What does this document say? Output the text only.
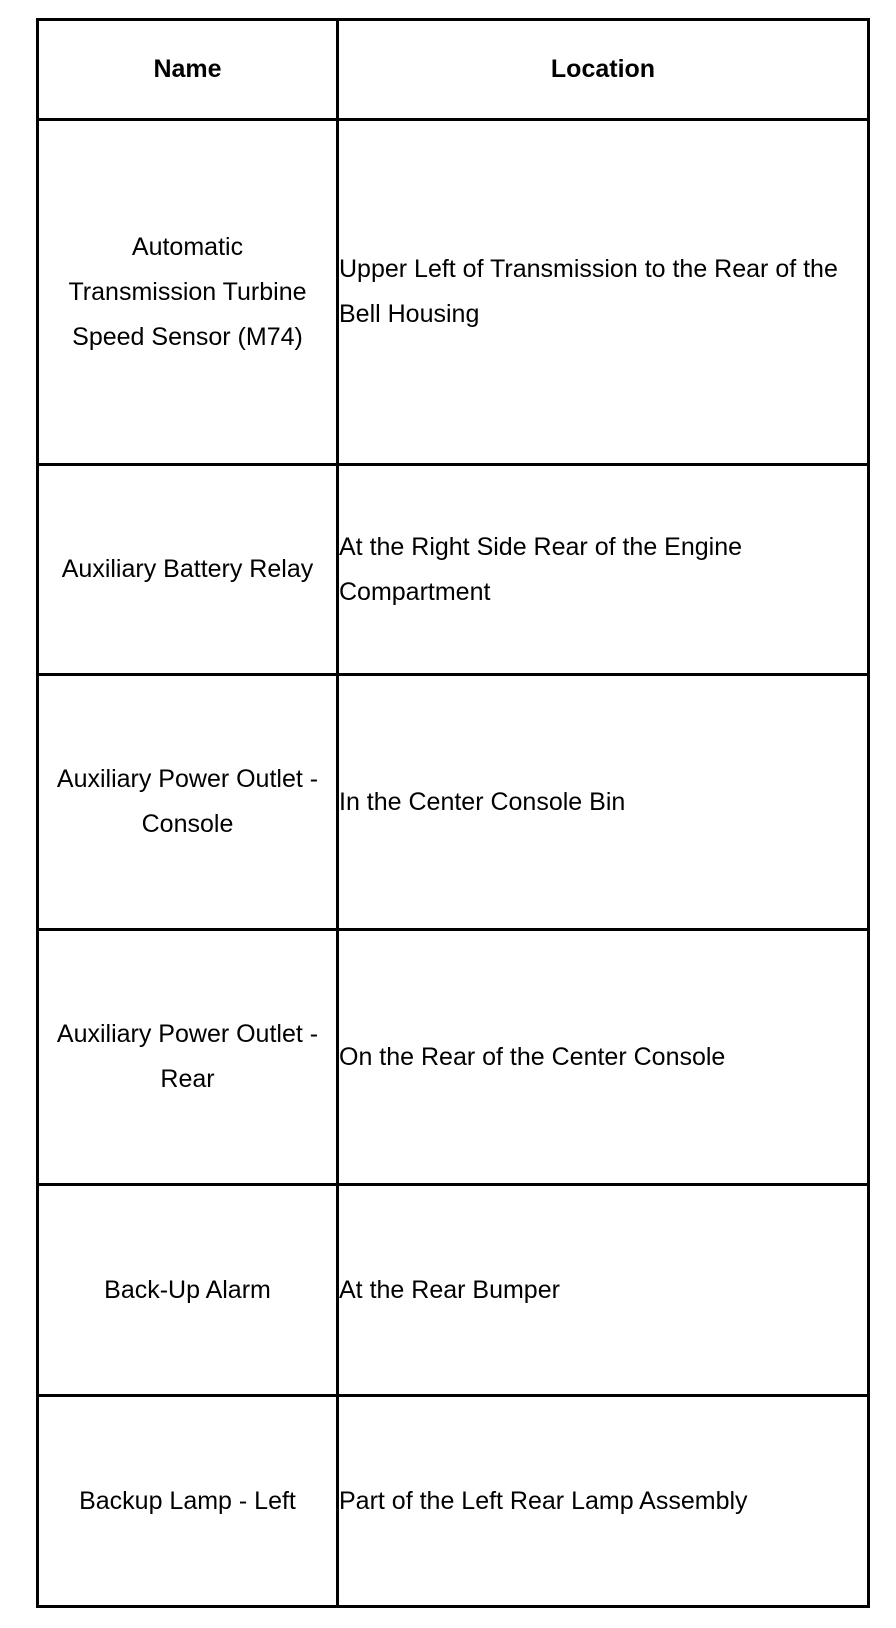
Name	Location

Automatic Transmission Turbine Speed Sensor (M74)	Upper Left of Transmission to the Rear of the Bell Housing

Auxiliary Battery Relay	At the Right Side Rear of the Engine Compartment

Auxiliary Power Outlet - Console	In the Center Console Bin

Auxiliary Power Outlet - Rear	On the Rear of the Center Console

Back-Up Alarm	At the Rear Bumper

Backup Lamp - Left	Part of the Left Rear Lamp Assembly
